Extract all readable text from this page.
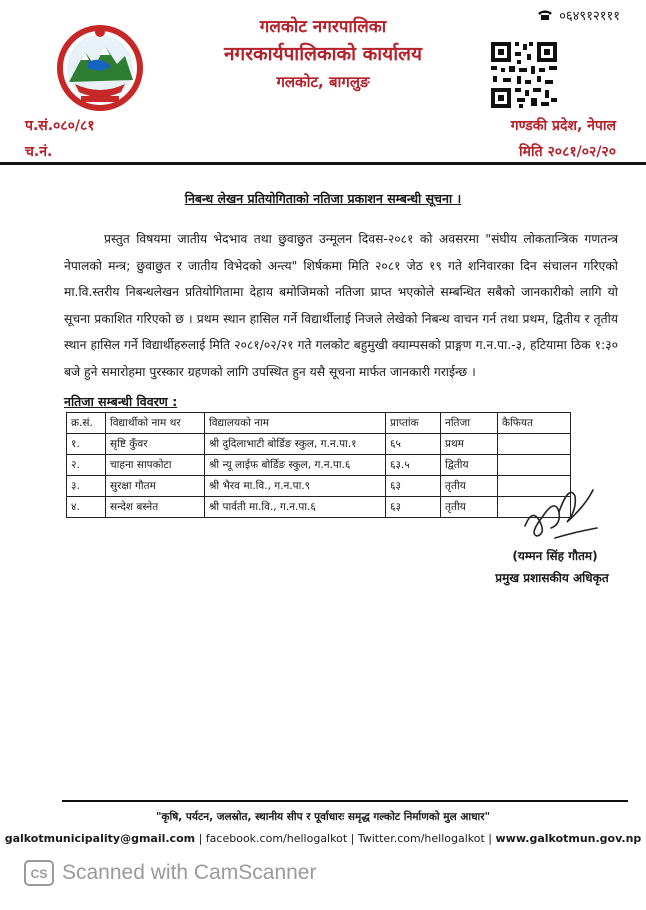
०६४९१२१११
गलकोट नगरपालिका
नगरकार्यपालिकाको कार्यालय
गलकोट, बागलुङ
प.सं.०८०/८१
च.नं.
गण्डकी प्रदेश, नेपाल
मिति २०८१/०२/२०
निबन्ध लेखन प्रतियोगिताको नतिजा प्रकाशन सम्बन्धी सूचना ।
प्रस्तुत विषयमा जातीय भेदभाव तथा छुवाछुत उन्मूलन दिवस-२०८१ को अवसरमा "संघीय लोकतान्त्रिक गणतन्त्र नेपालको मन्त्र; छुवाछुत र जातीय विभेदको अन्त्य" शिर्षकमा मिति २०८१ जेठ १९ गते शनिवारका दिन संचालन गरिएको मा.वि.स्तरीय निबन्धलेखन प्रतियोगितामा देहाय बमोजिमको नतिजा प्राप्त भएकोले सम्बन्धित सबैको जानकारीको लागि यो सूचना प्रकाशित गरिएको छ । प्रथम स्थान हासिल गर्ने विद्यार्थीलाई निजले लेखेको निबन्ध वाचन गर्न तथा प्रथम, द्वितीय र तृतीय स्थान हासिल गर्ने विद्यार्थीहरुलाई मिति २०८१/०२/२१ गते गलकोट बहुमुखी क्याम्पसको प्राङ्गण ग.न.पा.-३, हटियामा ठिक १:३० बजे हुने समारोहमा पुरस्कार ग्रहणको लागि उपस्थित हुन यसै सूचना मार्फत जानकारी गराईन्छ ।
नतिजा सम्बन्धी विवरण :
क्र.सं.	विद्यार्थीको नाम थर	विद्यालयको नाम	प्राप्तांक	नतिजा	कैफियत
१.	सृष्टि कुँवर	श्री दुदिलाभाटी बोर्डिङ स्कुल, ग.न.पा.१	६५	प्रथम	
२.	चाहना सापकोटा	श्री न्यू लाईफ बोर्डिङ स्कुल, ग.न.पा.६	६३.५	द्वितीय	
३.	सुरक्षा गौतम	श्री भैरव मा.वि., ग.न.पा.९	६३	तृतीय	
४.	सन्देश बस्नेत	श्री पार्वती मा.वि., ग.न.पा.६	६३	तृतीय	
(यम्मन सिंह गौतम)
प्रमुख प्रशासकीय अधिकृत
"कृषि, पर्यटन, जलस्रोत, स्थानीय सीप र पूर्वाधारः समृद्ध गल्कोट निर्माणको मुल आधार"
galkotmunicipality@gmail.com | facebook.com/hellogalkot | Twitter.com/hellogalkot | www.galkotmun.gov.np
CS Scanned with CamScanner
